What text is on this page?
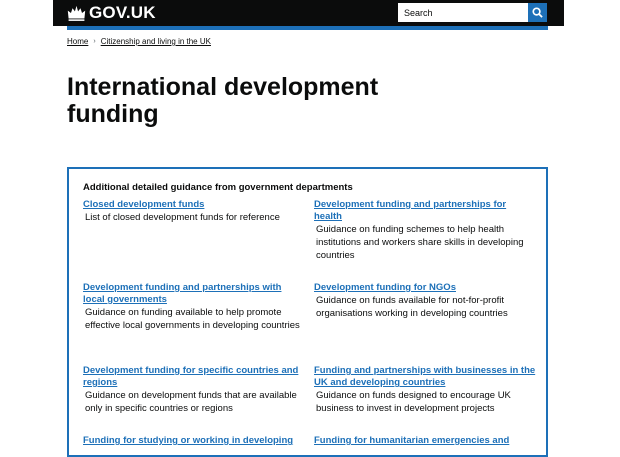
GOV.UK
Search
Home › Citizenship and living in the UK
International development funding
Additional detailed guidance from government departments
Closed development funds

List of closed development funds for reference

Development funding and partnerships for health

Guidance on funding schemes to help health institutions and workers share skills in developing countries

Development funding and partnerships with local governments

Guidance on funding available to help promote effective local governments in developing countries

Development funding for NGOs

Guidance on funds available for not-for-profit organisations working in developing countries

Development funding for specific countries and regions

Guidance on development funds that are available only in specific countries or regions

Funding and partnerships with businesses in the UK and developing countries

Guidance on funds designed to encourage UK business to invest in development projects

Funding for studying or working in developing	Funding for humanitarian emergencies and
